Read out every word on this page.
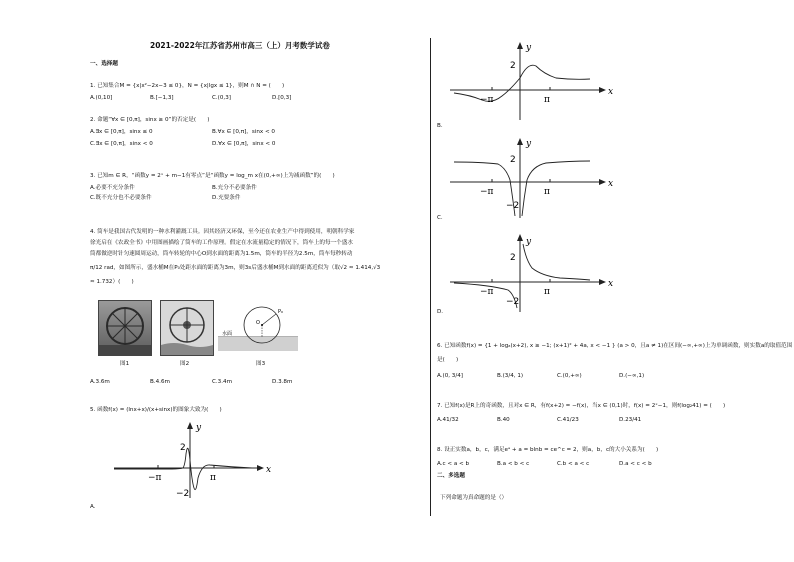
2021-2022年江苏省苏州市高三（上）月考数学试卷
一、选择题
1. 已知集合M = {x|x²−2x−3 ≤ 0}，N = {x|lgx ≤ 1}，则M ∩ N = (　　)
A.(0,10]	B.[−1,3]	C.(0,3]	D.[0,3]
2. 命题“∀x ∈ [0,π]，sinx ≥ 0”的否定是(　　)
A.∃x ∈ [0,π]，sinx ≤ 0	B.∀x ∈ [0,π]，sinx < 0
C.∃x ∈ [0,π]，sinx < 0	D.∀x ∈ [0,π]，sinx < 0
3. 已知m ∈ R，“函数y = 2ˣ + m−1有零点”是“函数y = log_m x在(0,+∞)上为减函数”的(　　)
A.必要不充分条件	B.充分不必要条件
C.既不充分也不必要条件	D.充要条件
4. 筒车是我国古代发明的一种水利灌溉工具。因其经济又环保，至今还在农业生产中得到使用，明朝科学家
徐光启在《农政全书》中用图画描绘了筒车的工作原理。假定在水流量稳定的情况下，筒车上的每一个盛水
筒都做逆时针匀速圆周运动，筒车转轮的中心O到水面的距离为1.5m，筒车的半径为2.5m，筒车每秒转动
π/12 rad，如图所示，盛水桶M在P₀处距水面的距离为3m，则3s后盛水桶M到水面的距离近似为（取√2 ≈ 1.414,√3
≈ 1.732）(　　)
水面
O
P₀
图1	图2	图3
A.3.6m	B.4.6m	C.3.4m	D.3.8m
5. 函数f(x) = (lnx+x)/(x+sinx)的图象大致为(　　)
y
x
2
−2
−π	π
A.
y
x
2
−π	π
B.
y
x
2
−2
−π	π
C.
y
x
2
−2
−π	π
D.
6. 已知函数f(x) = {1 + logₐ(x+2), x ≥ −1; (x+1)² + 4a, x < −1 } (a > 0，且a ≠ 1)在区间(−∞,+∞)上为单调函数，则实数a的取值范围
是(　　)
A.(0, 3/4]	B.(3/4, 1)	C.(0,+∞)	D.(−∞,1)
7. 已知f(x)是R上的奇函数，且对x ∈ R，有f(x+2) = −f(x)，当x ∈ (0,1)时，f(x) = 2ˣ−1，则f(log₂41) = (　　)
A.41/32	B.40	C.41/23	D.23/41
8. 设正实数a，b，c，满足eᵃ + a = blnb = ce^c = 2，则a，b，c的大小关系为(　　)
A.c < a < b	B.a < b < c	C.b < a < c	D.a < c < b
二、多选题
下列命题为真命题的是（）
